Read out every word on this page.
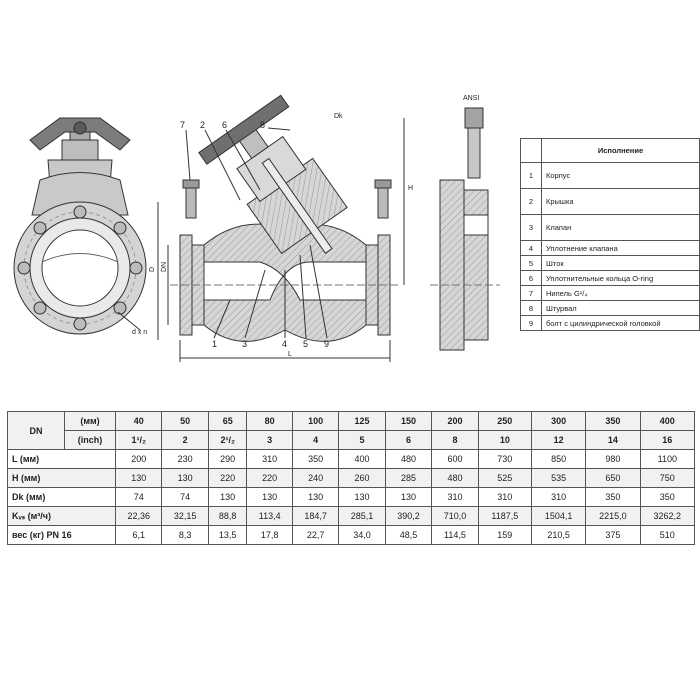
d x n
7 2 6	8
1	3	4 5 9
Dk
H
L
D DN
ANSI
	Исполнение
1	Корпус
2	Крышка
3	Клапан
4	Уплотнение клапана
5	Шток
6	Уплотнительные кольца O-ring
7	Нипель G¹/₄
8	Штурвал
9	болт с цилиндрической головкой
DN	(мм)	40	50	65	80	100	125	150	200	250	300	350	400
	(inch)	1¹/₂	2	2¹/₂	3	4	5	6	8	10	12	14	16
L (мм)		200	230	290	310	350	400	480	600	730	850	980	1100
H (мм)		130	130	220	220	240	260	285	480	525	535	650	750
Dk (мм)		74	74	130	130	130	130	130	310	310	310	350	350
Kᵥₛ (м³/ч)		22,36	32,15	88,8	113,4	184,7	285,1	390,2	710,0	1187,5	1504,1	2215,0	3262,2
вес (кг) PN 16		6,1	8,3	13,5	17,8	22,7	34,0	48,5	114,5	159	210,5	375	510
